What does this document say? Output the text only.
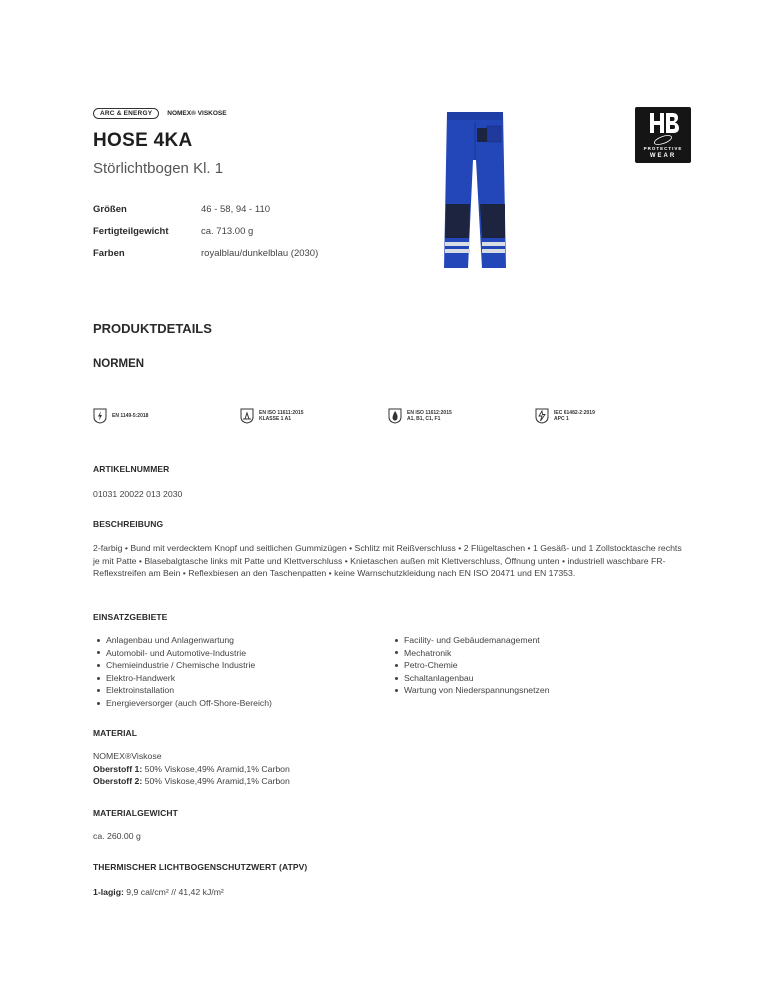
ARC & ENERGY	NOMEX® VISKOSE
HOSE 4KA

Störlichtbogen Kl. 1

Größen	46 - 58, 94 - 110
Fertigteilgewicht	ca. 713.00 g
Farben	royalblau/dunkelblau (2030)
PROTECTIVE
WEAR
PRODUKTDETAILS
NORMEN
EN 1149-5:2018	EN ISO 11611:2015
KLASSE 1 A1
EN ISO 11612:2015
A1, B1, C1, F1
IEC 61482-2:2019
APC 1
ARTIKELNUMMER

01031 20022 013 2030

BESCHREIBUNG

2-farbig • Bund mit verdecktem Knopf und seitlichen Gummizügen • Schlitz mit Reißverschluss • 2 Flügeltaschen • 1 Gesäß- und 1 Zollstocktasche rechts je mit Patte • Blasebalgtasche links mit Patte und Klettverschluss • Knietaschen außen mit Klettverschluss, Öffnung unten • industriell waschbare FR-Reflexstreifen am Bein • Reflexbiesen an den Taschenpatten • keine Warnschutzkleidung nach EN ISO 20471 und EN 17353.

EINSATZGEBIETE
Anlagenbau und Anlagenwartung
Automobil- und Automotive-Industrie
Chemieindustrie / Chemische Industrie
Elektro-Handwerk
Elektroinstallation
Energieversorger (auch Off-Shore-Bereich)
Facility- und Gebäudemanagement
Mechatronik
Petro-Chemie
Schaltanlagenbau
Wartung von Niederspannungsnetzen
MATERIAL
NOMEX®Viskose
Oberstoff 1: 50% Viskose,49% Aramid,1% Carbon
Oberstoff 2: 50% Viskose,49% Aramid,1% Carbon
MATERIALGEWICHT

ca. 260.00 g

THERMISCHER LICHTBOGENSCHUTZWERT (ATPV)

1-lagig: 9,9 cal/cm² // 41,42 kJ/m²
